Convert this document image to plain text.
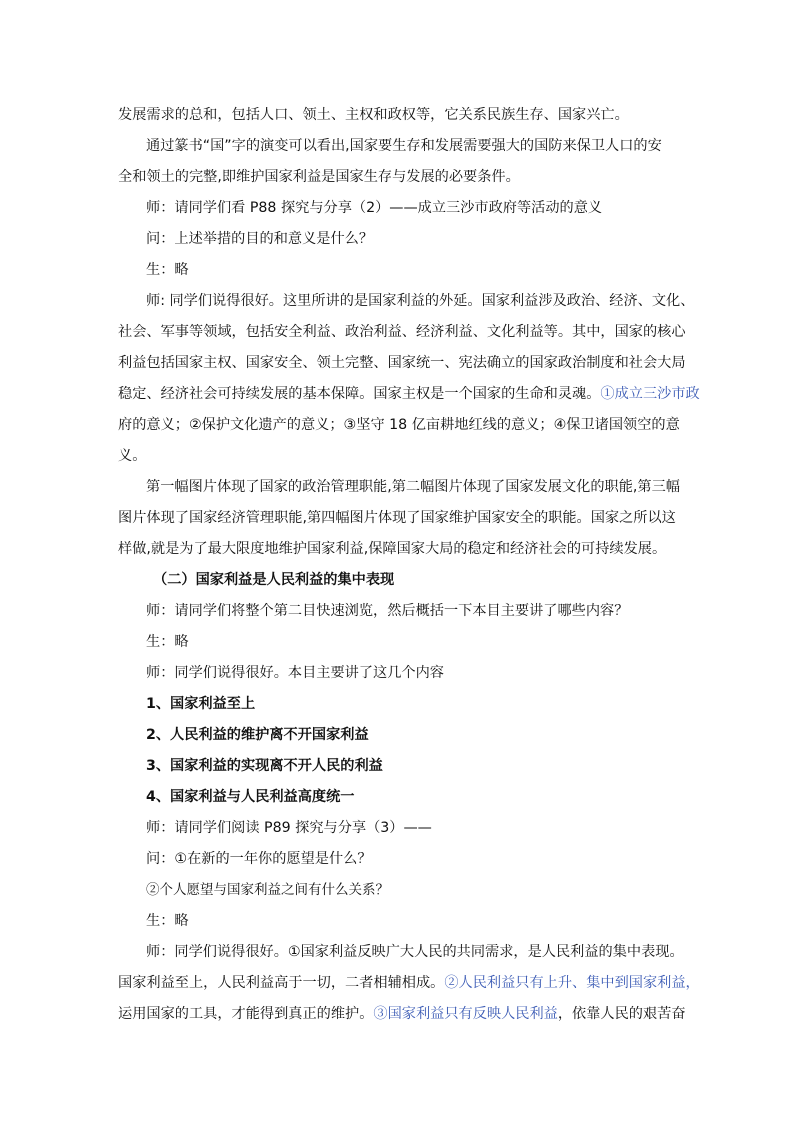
发展需求的总和，包括人口、领土、主权和政权等，它关系民族生存、国家兴亡。
通过篆书“国”字的演变可以看出,国家要生存和发展需要强大的国防来保卫人口的安
全和领土的完整,即维护国家利益是国家生存与发展的必要条件。
师：请同学们看 P88 探究与分享（2）——成立三沙市政府等活动的意义
问：上述举措的目的和意义是什么？
生：略
师: 同学们说得很好。这里所讲的是国家利益的外延。国家利益涉及政治、经济、文化、
社会、军事等领域，包括安全利益、政治利益、经济利益、文化利益等。其中，国家的核心
利益包括国家主权、国家安全、领土完整、国家统一、宪法确立的国家政治制度和社会大局
稳定、经济社会可持续发展的基本保障。国家主权是一个国家的生命和灵魂。①成立三沙市政
府的意义；②保护文化遗产的意义；③坚守 18 亿亩耕地红线的意义；④保卫诸国领空的意
义。
第一幅图片体现了国家的政治管理职能,第二幅图片体现了国家发展文化的职能,第三幅
图片体现了国家经济管理职能,第四幅图片体现了国家维护国家安全的职能。国家之所以这
样做,就是为了最大限度地维护国家利益,保障国家大局的稳定和经济社会的可持续发展。
（二）国家利益是人民利益的集中表现
师：请同学们将整个第二目快速浏览，然后概括一下本目主要讲了哪些内容？
生：略
师：同学们说得很好。本目主要讲了这几个内容
1、国家利益至上
2、人民利益的维护离不开国家利益
3、国家利益的实现离不开人民的利益
4、国家利益与人民利益高度统一
师：请同学们阅读 P89 探究与分享（3）——
问：①在新的一年你的愿望是什么？
②个人愿望与国家利益之间有什么关系？
生：略
师：同学们说得很好。①国家利益反映广大人民的共同需求，是人民利益的集中表现。
国家利益至上，人民利益高于一切，二者相辅相成。②人民利益只有上升、集中到国家利益，
运用国家的工具，才能得到真正的维护。③国家利益只有反映人民利益，依靠人民的艰苦奋
